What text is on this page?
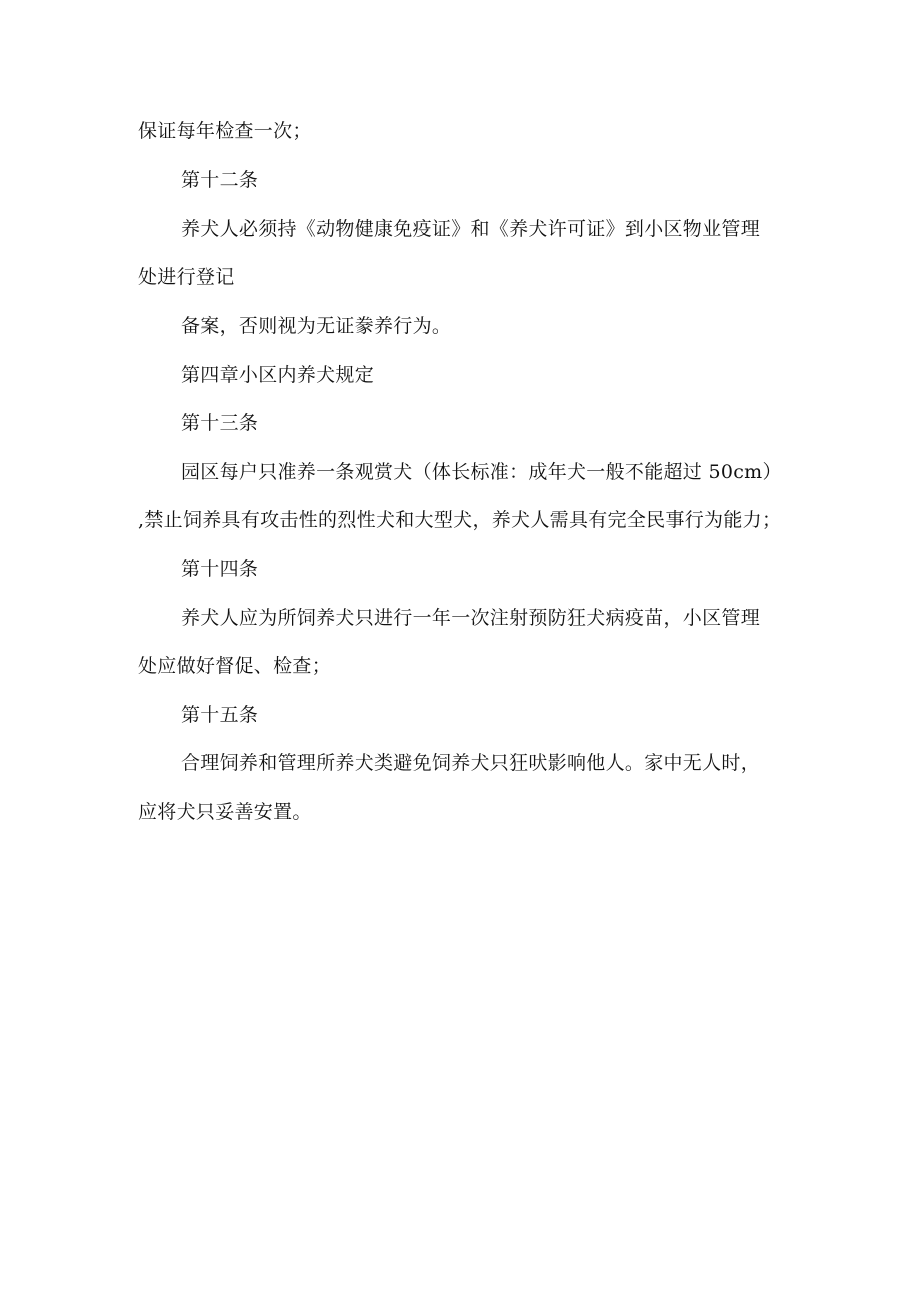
保证每年检查一次；
第十二条
养犬人必须持《动物健康免疫证》和《养犬许可证》到小区物业管理
处进行登记
备案，否则视为无证豢养行为。
第四章小区内养犬规定
第十三条
园区每户只准养一条观赏犬（体长标准：成年犬一般不能超过 50cm）
,禁止饲养具有攻击性的烈性犬和大型犬，养犬人需具有完全民事行为能力；
第十四条
养犬人应为所饲养犬只进行一年一次注射预防狂犬病疫苗，小区管理
处应做好督促、检查；
第十五条
合理饲养和管理所养犬类避免饲养犬只狂吠影响他人。家中无人时，
应将犬只妥善安置。
